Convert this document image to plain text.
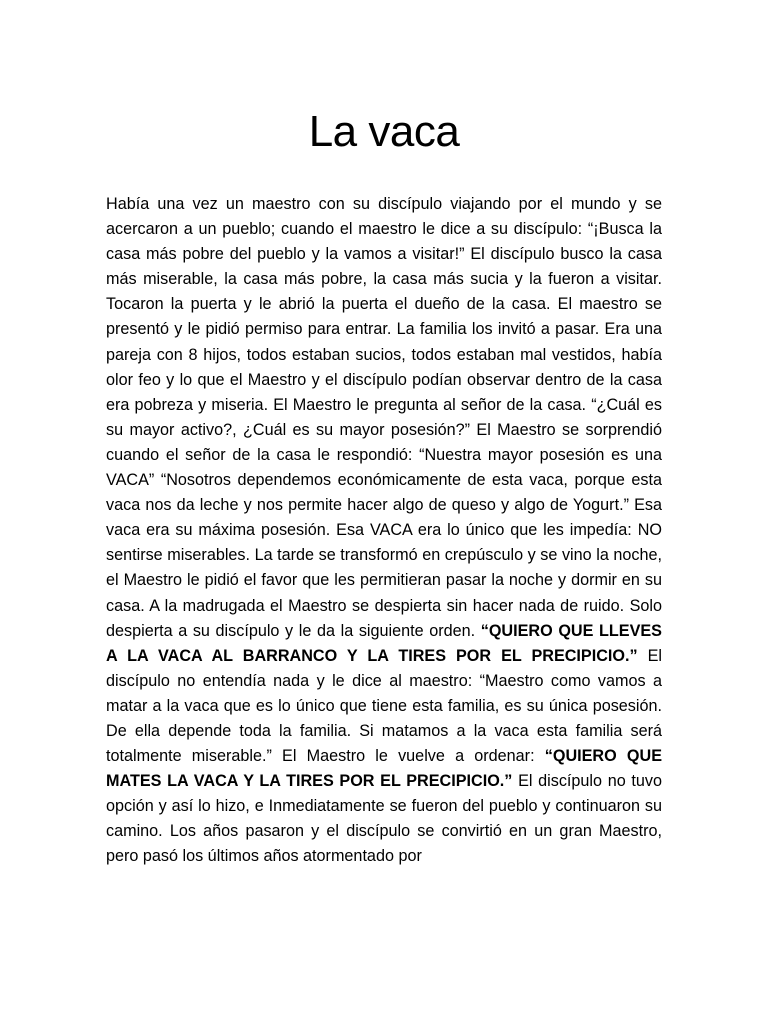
La vaca

Había una vez un maestro con su discípulo viajando por el mundo y se acercaron a un pueblo; cuando el maestro le dice a su discípulo: “¡Busca la casa más pobre del pueblo y la vamos a visitar!” El discípulo busco la casa más miserable, la casa más pobre, la casa más sucia y la fueron a visitar. Tocaron la puerta y le abrió la puerta el dueño de la casa. El maestro se presentó y le pidió permiso para entrar. La familia los invitó a pasar. Era una pareja con 8 hijos, todos estaban sucios, todos estaban mal vestidos, había olor feo y lo que el Maestro y el discípulo podían observar dentro de la casa era pobreza y miseria. El Maestro le pregunta al señor de la casa. “¿Cuál es su mayor activo?, ¿Cuál es su mayor posesión?” El Maestro se sorprendió cuando el señor de la casa le respondió: “Nuestra mayor posesión es una VACA” “Nosotros dependemos económicamente de esta vaca, porque esta vaca nos da leche y nos permite hacer algo de queso y algo de Yogurt.” Esa vaca era su máxima posesión. Esa VACA era lo único que les impedía: NO sentirse miserables. La tarde se transformó en crepúsculo y se vino la noche, el Maestro le pidió el favor que les permitieran pasar la noche y dormir en su casa. A la madrugada el Maestro se despierta sin hacer nada de ruido. Solo despierta a su discípulo y le da la siguiente orden. “QUIERO QUE LLEVES A LA VACA AL BARRANCO Y LA TIRES POR EL PRECIPICIO.” El discípulo no entendía nada y le dice al maestro: “Maestro como vamos a matar a la vaca que es lo único que tiene esta familia, es su única posesión. De ella depende toda la familia. Si matamos a la vaca esta familia será totalmente miserable.” El Maestro le vuelve a ordenar: “QUIERO QUE MATES LA VACA Y LA TIRES POR EL PRECIPICIO.” El discípulo no tuvo opción y así lo hizo, e Inmediatamente se fueron del pueblo y continuaron su camino. Los años pasaron y el discípulo se convirtió en un gran Maestro, pero pasó los últimos años atormentado por
